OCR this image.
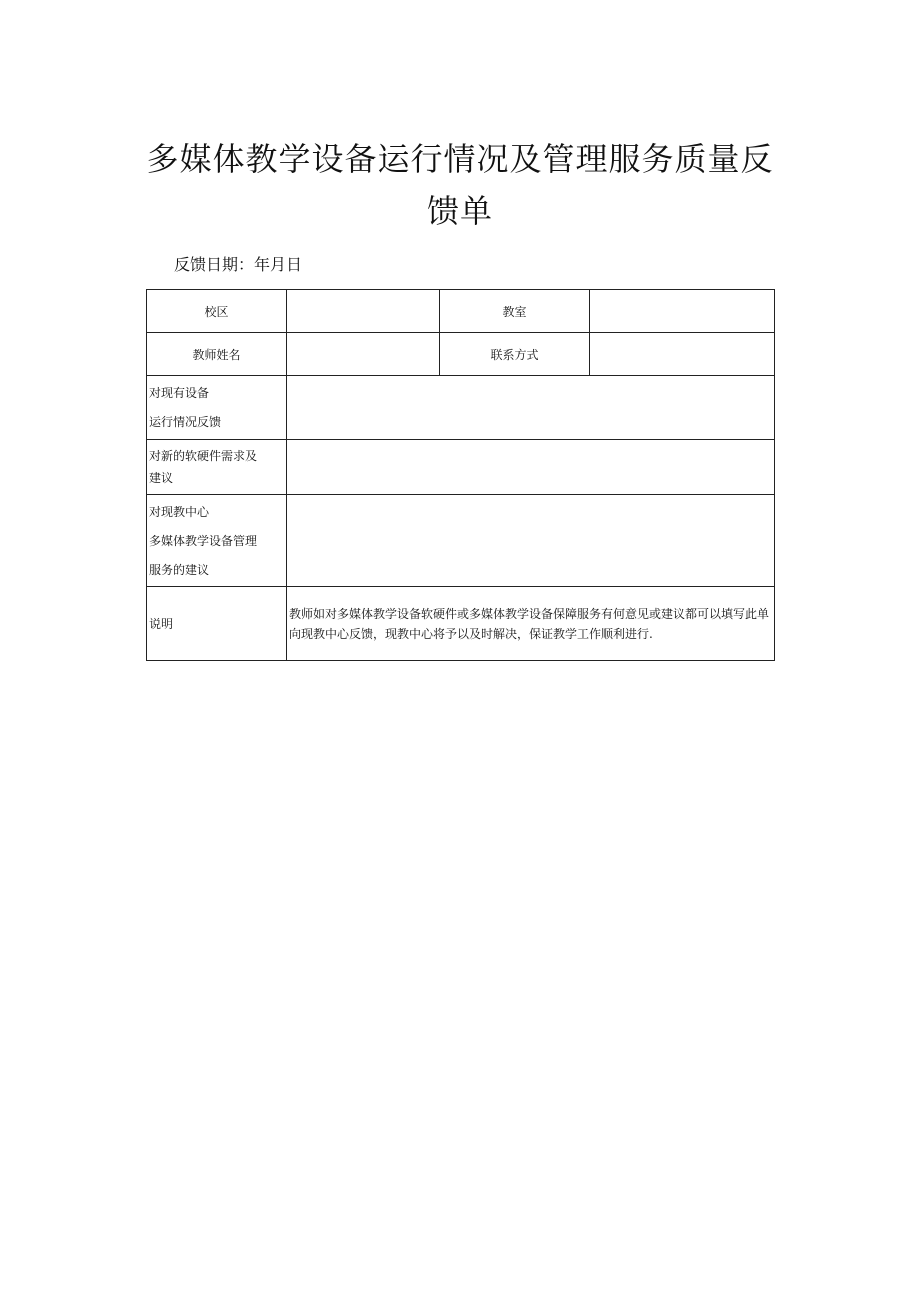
多媒体教学设备运行情况及管理服务质量反馈单
反馈日期：年月日
校区		教室	
教师姓名		联系方式	

对现有设备
运行情况反馈			

对新的软硬件需求及
建议			

对现教中心
多媒体教学设备管理
服务的建议			

说明	教师如对多媒体教学设备软硬件或多媒体教学设备保障服务有何意见或建议都可以填写此单向现教中心反馈，现教中心将予以及时解决，保证教学工作顺利进行.		
